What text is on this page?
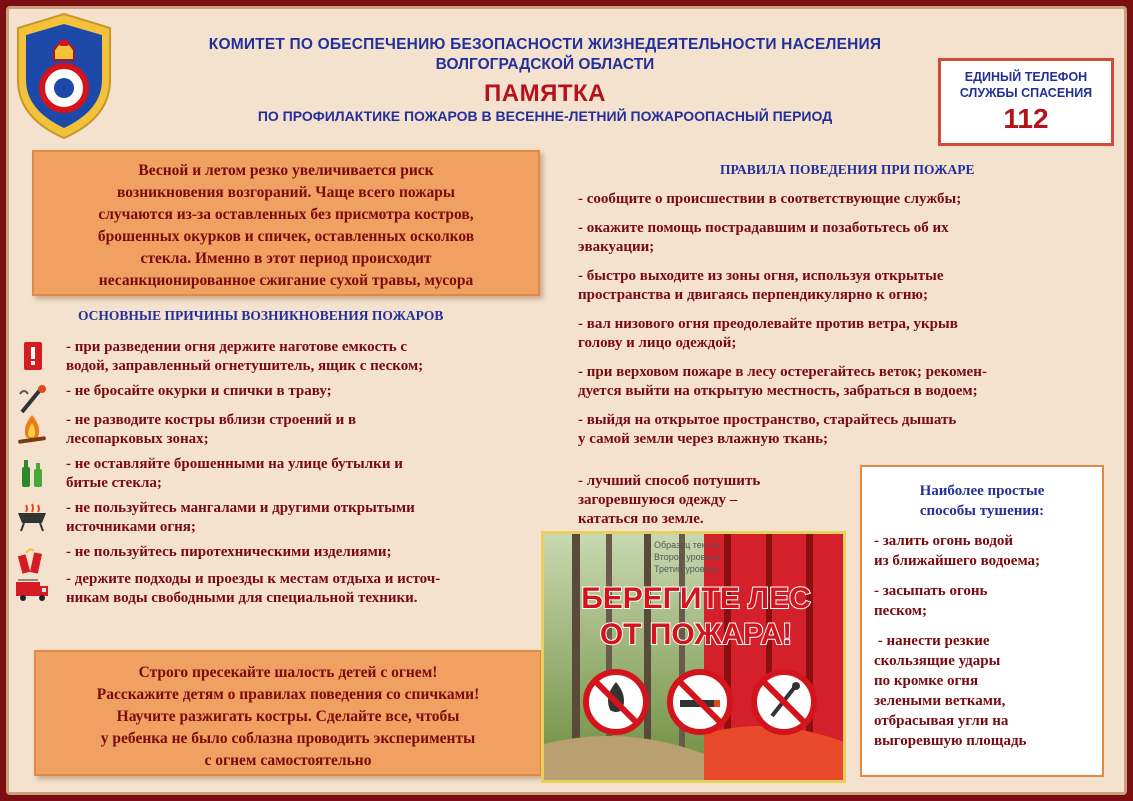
КОМИТЕТ ПО ОБЕСПЕЧЕНИЮ БЕЗОПАСНОСТИ ЖИЗНЕДЕЯТЕЛЬНОСТИ НАСЕЛЕНИЯ
ВОЛГОГРАДСКОЙ ОБЛАСТИ
ПАМЯТКА
ПО ПРОФИЛАКТИКЕ ПОЖАРОВ В ВЕСЕННЕ-ЛЕТНИЙ ПОЖАРООПАСНЫЙ ПЕРИОД
ЕДИНЫЙ ТЕЛЕФОН
СЛУЖБЫ СПАСЕНИЯ
112
Весной и летом резко увеличивается риск
возникновения возгораний. Чаще всего пожары
случаются из-за оставленных без присмотра костров,
брошенных окурков и спичек, оставленных осколков
стекла. Именно в этот период происходит
несанкционированное сжигание сухой травы, мусора
ОСНОВНЫЕ ПРИЧИНЫ ВОЗНИКНОВЕНИЯ ПОЖАРОВ
- при разведении огня держите наготове емкость с
водой, заправленный огнетушитель, ящик с песком;
- не бросайте окурки и спички в траву;
- не разводите костры вблизи строений и в
лесопарковых зонах;
- не оставляйте брошенными на улице бутылки и
битые стекла;
- не пользуйтесь мангалами и другими открытыми
источниками огня;
- не пользуйтесь пиротехническими изделиями;
- держите подходы и проезды к местам отдыха и источ-
никам воды свободными для специальной техники.
Строго пресекайте шалость детей с огнем!
Расскажите детям о правилах поведения со спичками!
Научите разжигать костры. Сделайте все, чтобы
у ребенка не было соблазна проводить эксперименты
с огнем самостоятельно
ПРАВИЛА ПОВЕДЕНИЯ ПРИ ПОЖАРЕ
- сообщите о происшествии в соответствующие службы;
- окажите помощь пострадавшим и позаботьтесь об их
эвакуации;
- быстро выходите из зоны огня, используя открытые
пространства и двигаясь перпендикулярно к огню;
- вал низового огня преодолевайте против ветра, укрыв
голову и лицо одеждой;
- при верховом пожаре в лесу остерегайтесь веток; рекомен-
дуется выйти на открытую местность, забраться в водоем;
- выйдя на открытое пространство, старайтесь дышать
у самой земли через влажную ткань;
- лучший способ потушить
загоревшуюся одежду –
кататься по земле.
Образец текста
Второй уровень
Третий уровень
БЕРЕГИТЕ ЛЕС
ОТ ПОЖАРА!
Наиболее простые
способы тушения:
- залить огонь водой
из ближайшего водоема;
- засыпать огонь
песком;
- нанести резкие
скользящие удары
по кромке огня
зелеными ветками,
отбрасывая угли на
выгоревшую площадь
